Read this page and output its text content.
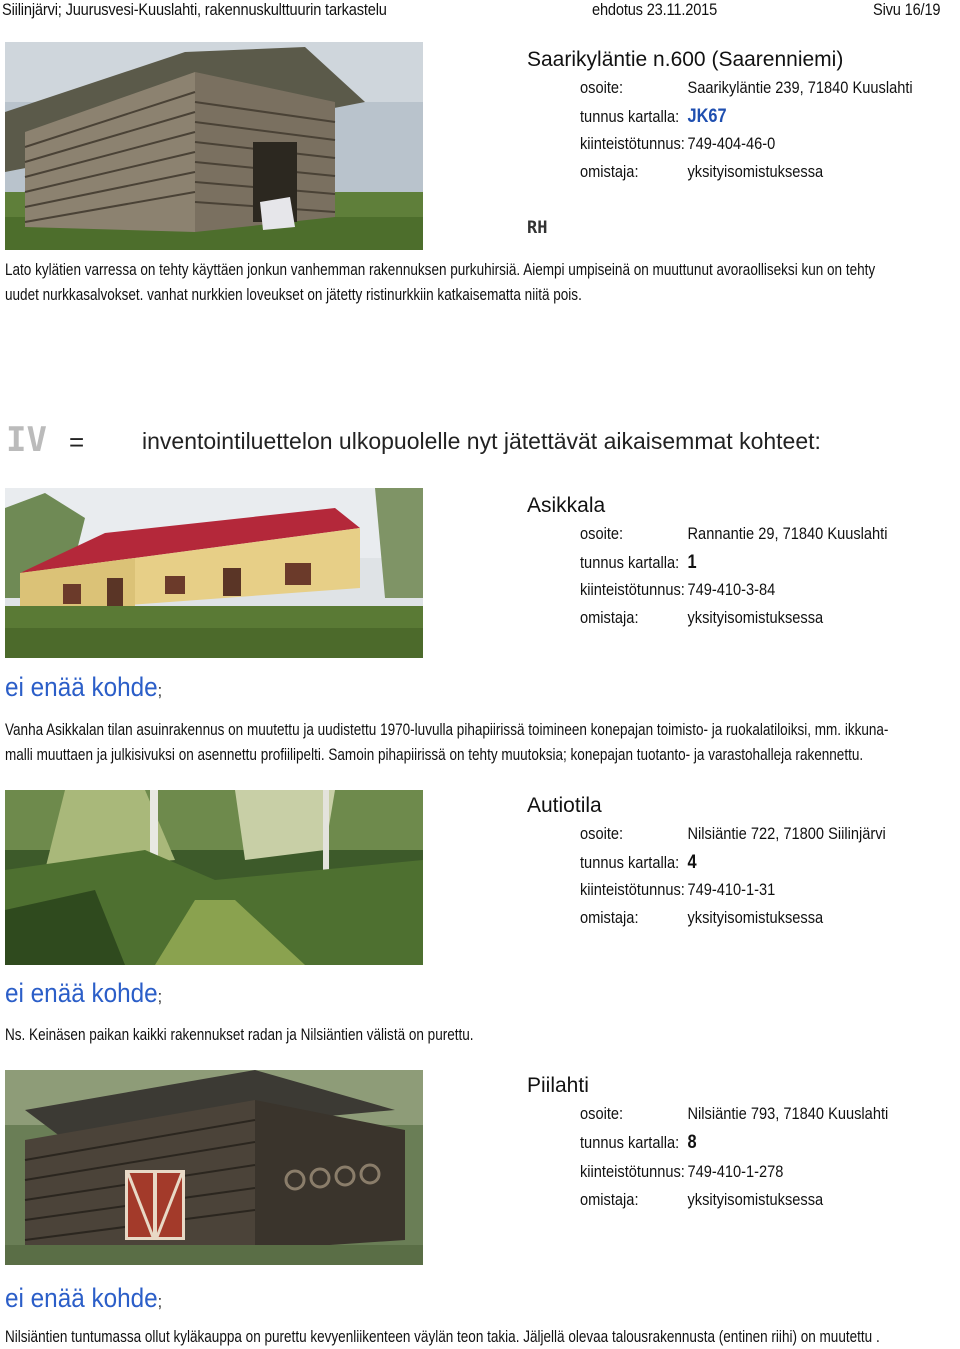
Siilinjärvi; Juurusvesi-Kuuslahti, rakennuskulttuurin tarkastelu	ehdotus 23.11.2015	Sivu 16/19
Saarikyläntie n.600 (Saarenniemi)
osoite:	Saarikyläntie 239, 71840 Kuuslahti
tunnus kartalla: JK67
kiinteistötunnus: 749-404-46-0
omistaja:	yksityisomistuksessa
RH
Lato kylätien varressa on tehty käyttäen jonkun vanhemman rakennuksen purkuhirsiä. Aiempi umpiseinä on muuttunut avoraolliseksi kun on tehty
uudet nurkkasalvokset. vanhat nurkkien loveukset on jätetty ristinurkkiin katkaisematta niitä pois.
IV =	inventointiluettelon ulkopuolelle nyt jätettävät aikaisemmat kohteet:
Asikkala
osoite:	Rannantie 29, 71840 Kuuslahti
tunnus kartalla: 1
kiinteistötunnus: 749-410-3-84
omistaja:	yksityisomistuksessa
ei enää kohde;
Vanha Asikkalan tilan asuinrakennus on muutettu ja uudistettu 1970-luvulla pihapiirissä toimineen konepajan toimisto- ja ruokalatiloiksi, mm. ikkuna-
malli muuttaen ja julkisivuksi on asennettu profiilipelti. Samoin pihapiirissä on tehty muutoksia; konepajan tuotanto- ja varastohalleja rakennettu.
Autiotila
osoite:	Nilsiäntie 722, 71800 Siilinjärvi
tunnus kartalla: 4
kiinteistötunnus: 749-410-1-31
omistaja:	yksityisomistuksessa
ei enää kohde;
Ns. Keinäsen paikan kaikki rakennukset radan ja Nilsiäntien välistä on purettu.
Piilahti
osoite:	Nilsiäntie 793, 71840 Kuuslahti
tunnus kartalla: 8
kiinteistötunnus: 749-410-1-278
omistaja:	yksityisomistuksessa
ei enää kohde;
Nilsiäntien tuntumassa ollut kyläkauppa on purettu kevyenliikenteen väylän teon takia. Jäljellä olevaa talousrakennusta (entinen riihi) on muutettu .
